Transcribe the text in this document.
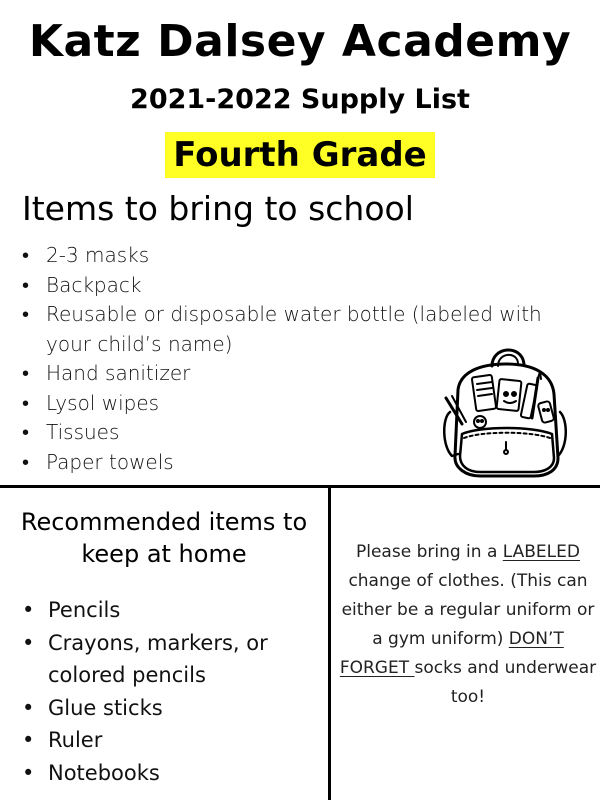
Katz Dalsey Academy
2021-2022 Supply List
Fourth Grade
Items to bring to school
• 2-3 masks
• Backpack
• Reusable or disposable water bottle (labeled with your child’s name)
• Hand sanitizer
• Lysol wipes
• Tissues
• Paper towels
Recommended items to keep at home
• Pencils
• Crayons, markers, or colored pencils
• Glue sticks
• Ruler
• Notebooks
Please bring in a LABELED change of clothes. (This can either be a regular uniform or a gym uniform) DON’T FORGET socks and underwear too!
